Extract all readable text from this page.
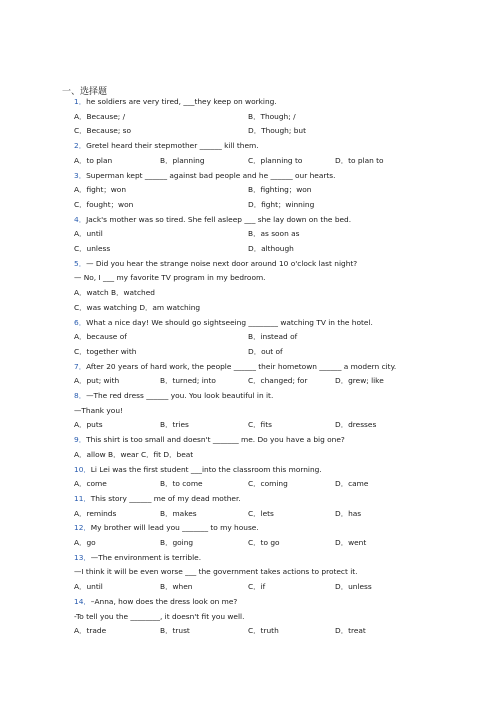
一、选择题
1．he soldiers are very tired, ___they keep on working.
A．Because; /	B．Though; /
C．Because; so	D．Though; but
2．Gretel heard their stepmother ______ kill them.
A．to plan	B．planning	C．planning to	D．to plan to
3．Superman kept ______ against bad people and he ______ our hearts.
A．fight；won	B．fighting；won
C．fought；won	D．fight；winning
4．Jack's mother was so tired. She fell asleep ___ she lay down on the bed.
A．until	B．as soon as
C．unless	D．although
5．— Did you hear the strange noise next door around 10 o'clock last night?
— No, I ___ my favorite TV program in my bedroom.
A．watch B．watched
C．was watching D．am watching
6．What a nice day! We should go sightseeing ________ watching TV in the hotel.
A．because of	B．instead of
C．together with	D．out of
7．After 20 years of hard work, the people ______ their hometown ______ a modern city.
A．put; with	B．turned; into	C．changed; for	D．grew; like
8．—The red dress ______ you. You look beautiful in it.
—Thank you!
A．puts	B．tries	C．fits	D．dresses
9．This shirt is too small and doesn't _______ me. Do you have a big one?
A．allow B．wear C．fit D．beat
10．Li Lei was the first student ___into the classroom this morning.
A．come	B．to come	C．coming	D．came
11．This story ______ me of my dead mother.
A．reminds	B．makes	C．lets	D．has
12．My brother will lead you _______ to my house.
A．go	B．going	C．to go	D．went
13．—The environment is terrible.
—I think it will be even worse ___ the government takes actions to protect it.
A．until	B．when	C．if	D．unless
14．–Anna, how does the dress look on me?
-To tell you the ________, it doesn't fit you well.
A．trade	B．trust	C．truth	D．treat
